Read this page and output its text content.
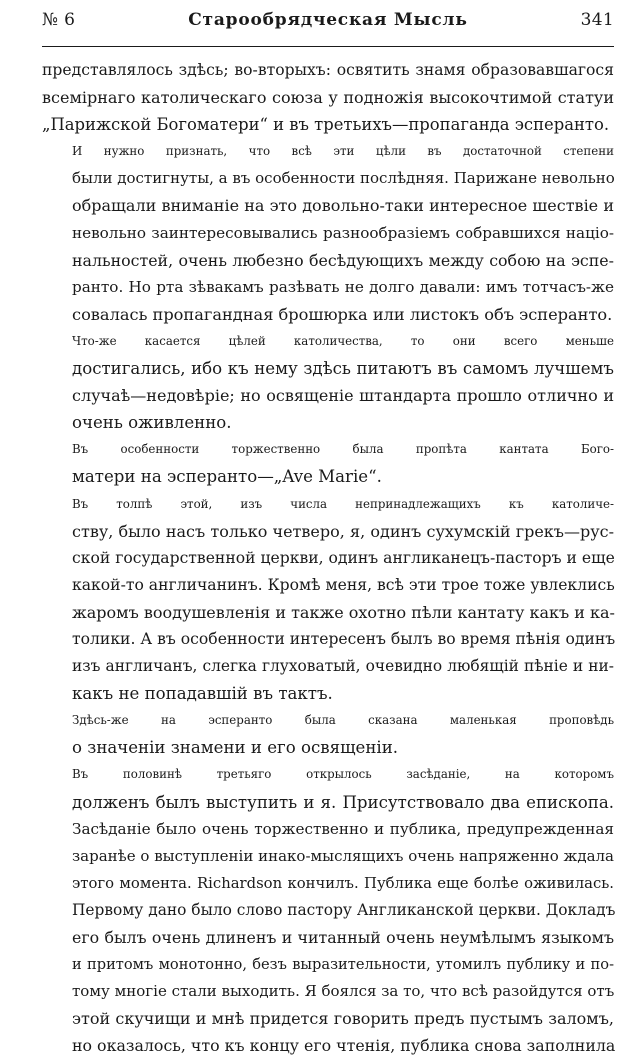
№ 6	Старообрядческая Мысль	341

представлялось здѣсь; во-вторыхъ: освятить знамя образовавшагося
всемірнаго католическаго союза у подножія высокочтимой статуи
„Парижской Богоматери“ и въ третьихъ—пропаганда эсперанто.

И нужно признать, что всѣ эти цѣли въ достаточной степени
были достигнуты, а въ особенности послѣдняя. Парижане невольно
обращали вниманіе на это довольно-таки интересное шествіе и
невольно заинтересовывались разнообразіемъ собравшихся націо-
нальностей, очень любезно бесѣдующихъ между собою на эспе-
ранто. Но рта зѣвакамъ разѣвать не долго давали: имъ тотчасъ-же
совалась пропагандная брошюрка или листокъ объ эсперанто.

Что-же касается цѣлей католичества, то они всего меньше
достигались, ибо къ нему здѣсь питаютъ въ самомъ лучшемъ
случаѣ—недовѣріе; но освященіе штандарта прошло отлично и
очень оживленно.

Въ особенности торжественно была пропѣта кантата Бого-
матери на эсперанто—„Ave Marie“.

Въ толпѣ этой, изъ числа непринадлежащихъ къ католиче-
ству, было насъ только четверо, я, одинъ сухумскій грекъ—рус-
ской государственной церкви, одинъ англиканецъ-пасторъ и еще
какой-то англичанинъ. Кромѣ меня, всѣ эти трое тоже увлеклись
жаромъ воодушевленія и также охотно пѣли кантату какъ и ка-
толики. А въ особенности интересенъ былъ во время пѣнія одинъ
изъ англичанъ, слегка глуховатый, очевидно любящій пѣніе и ни-
какъ не попадавшій въ тактъ.

Здѣсь-же на эсперанто была сказана маленькая проповѣдь
о значеніи знамени и его освященіи.

Въ половинѣ третьяго открылось засѣданіе, на которомъ
долженъ былъ выступить и я. Присутствовало два епископа.
Засѣданіе было очень торжественно и публика, предупрежденная
заранѣе о выступленіи инако-мыслящихъ очень напряженно ждала
этого момента. Richardson кончилъ. Публика еще болѣе оживилась.
Первому дано было слово пастору Англиканской церкви. Докладъ
его былъ очень длиненъ и читанный очень неумѣлымъ языкомъ
и притомъ монотонно, безъ выразительности, утомилъ публику и по-
тому многіе стали выходить. Я боялся за то, что всѣ разойдутся отъ
этой скучищи и мнѣ придется говорить предъ пустымъ заломъ,
но оказалось, что къ концу его чтенія, публика снова заполнила
